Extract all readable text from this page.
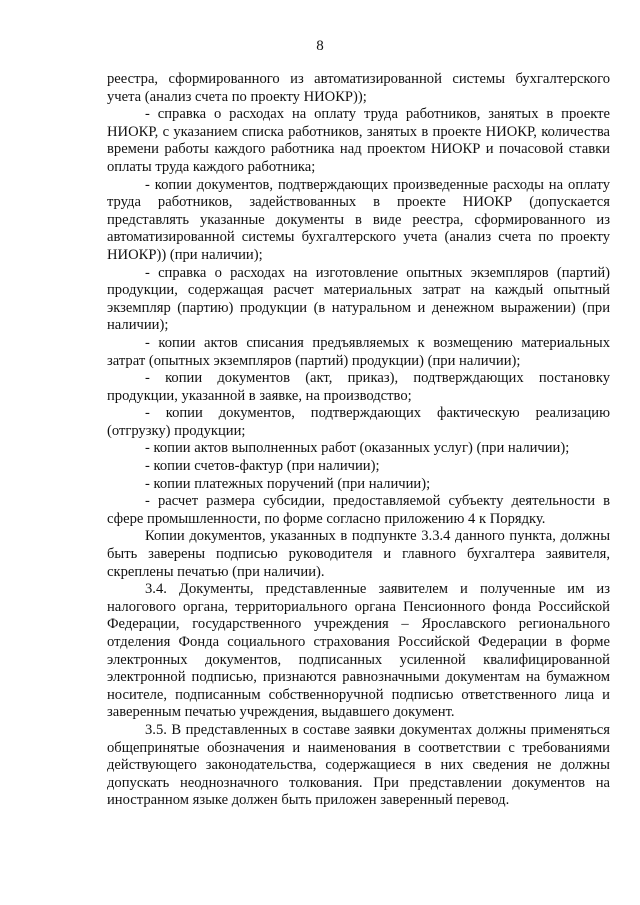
8

реестра, сформированного из автоматизированной системы бухгалтерского учета (анализ счета по проекту НИОКР));

- справка о расходах на оплату труда работников, занятых в проекте НИОКР, с указанием списка работников, занятых в проекте НИОКР, количества времени работы каждого работника над проектом НИОКР и почасовой ставки оплаты труда каждого работника;

- копии документов, подтверждающих произведенные расходы на оплату труда работников, задействованных в проекте НИОКР (допускается представлять указанные документы в виде реестра, сформированного из автоматизированной системы бухгалтерского учета (анализ счета по проекту НИОКР)) (при наличии);

- справка о расходах на изготовление опытных экземпляров (партий) продукции, содержащая расчет материальных затрат на каждый опытный экземпляр (партию) продукции (в натуральном и денежном выражении) (при наличии);

- копии актов списания предъявляемых к возмещению материальных затрат (опытных экземпляров (партий) продукции) (при наличии);

- копии документов (акт, приказ), подтверждающих постановку продукции, указанной в заявке, на производство;

- копии документов, подтверждающих фактическую реализацию (отгрузку) продукции;

- копии актов выполненных работ (оказанных услуг) (при наличии);

- копии счетов-фактур (при наличии);

- копии платежных поручений (при наличии);

- расчет размера субсидии, предоставляемой субъекту деятельности в сфере промышленности, по форме согласно приложению 4 к Порядку.

Копии документов, указанных в подпункте 3.3.4 данного пункта, должны быть заверены подписью руководителя и главного бухгалтера заявителя, скреплены печатью (при наличии).

3.4. Документы, представленные заявителем и полученные им из налогового органа, территориального органа Пенсионного фонда Российской Федерации, государственного учреждения – Ярославского регионального отделения Фонда социального страхования Российской Федерации в форме электронных документов, подписанных усиленной квалифицированной электронной подписью, признаются равнозначными документам на бумажном носителе, подписанным собственноручной подписью ответственного лица и заверенным печатью учреждения, выдавшего документ.

3.5. В представленных в составе заявки документах должны применяться общепринятые обозначения и наименования в соответствии с требованиями действующего законодательства, содержащиеся в них сведения не должны допускать неоднозначного толкования. При представлении документов на иностранном языке должен быть приложен заверенный перевод.
